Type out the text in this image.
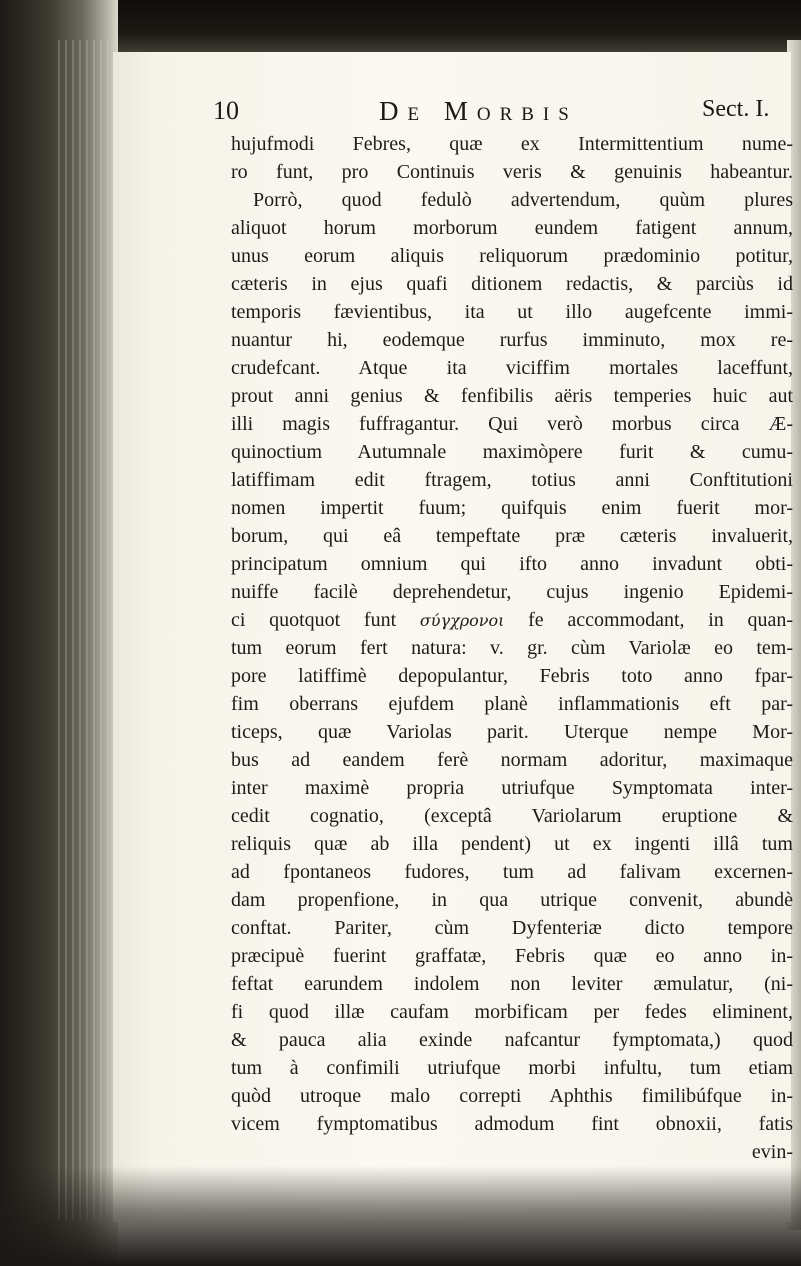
10	De Morbis	Sect. I.
hujufmodi Febres, quæ ex Intermittentium nume-
ro funt, pro Continuis veris & genuinis habeantur.
Porrò, quod fedulò advertendum, quùm plures
aliquot horum morborum eundem fatigent annum,
unus eorum aliquis reliquorum prædominio potitur,
cæteris in ejus quafi ditionem redactis, & parciùs id
temporis fævientibus, ita ut illo augefcente immi-
nuantur hi, eodemque rurfus imminuto, mox re-
crudefcant. Atque ita viciffim mortales laceffunt,
prout anni genius & fenfibilis aëris temperies huic aut
illi magis fuffragantur. Qui verò morbus circa Æ-
quinoctium Autumnale maximòpere furit & cumu-
latiffimam edit ftragem, totius anni Conftitutioni
nomen impertit fuum; quifquis enim fuerit mor-
borum, qui eâ tempeftate præ cæteris invaluerit,
principatum omnium qui ifto anno invadunt obti-
nuiffe facilè deprehendetur, cujus ingenio Epidemi-
ci quotquot funt σύγχρονοι fe accommodant, in quan-
tum eorum fert natura: v. gr. cùm Variolæ eo tem-
pore latiffimè depopulantur, Febris toto anno fpar-
fim oberrans ejufdem planè inflammationis eft par-
ticeps, quæ Variolas parit. Uterque nempe Mor-
bus ad eandem ferè normam adoritur, maximaque
inter maximè propria utriufque Symptomata inter-
cedit cognatio, (exceptâ Variolarum eruptione &
reliquis quæ ab illa pendent) ut ex ingenti illâ tum
ad fpontaneos fudores, tum ad falivam excernen-
dam propenfione, in qua utrique convenit, abundè
conftat. Pariter, cùm Dyfenteriæ dicto tempore
præcipuè fuerint graffatæ, Febris quæ eo anno in-
feftat earundem indolem non leviter æmulatur, (ni-
fi quod illæ caufam morbificam per fedes eliminent,
& pauca alia exinde nafcantur fymptomata,) quod
tum à confimili utriufque morbi infultu, tum etiam
quòd utroque malo correpti Aphthis fimilibúfque in-
vicem fymptomatibus admodum fint obnoxii, fatis
evin-
